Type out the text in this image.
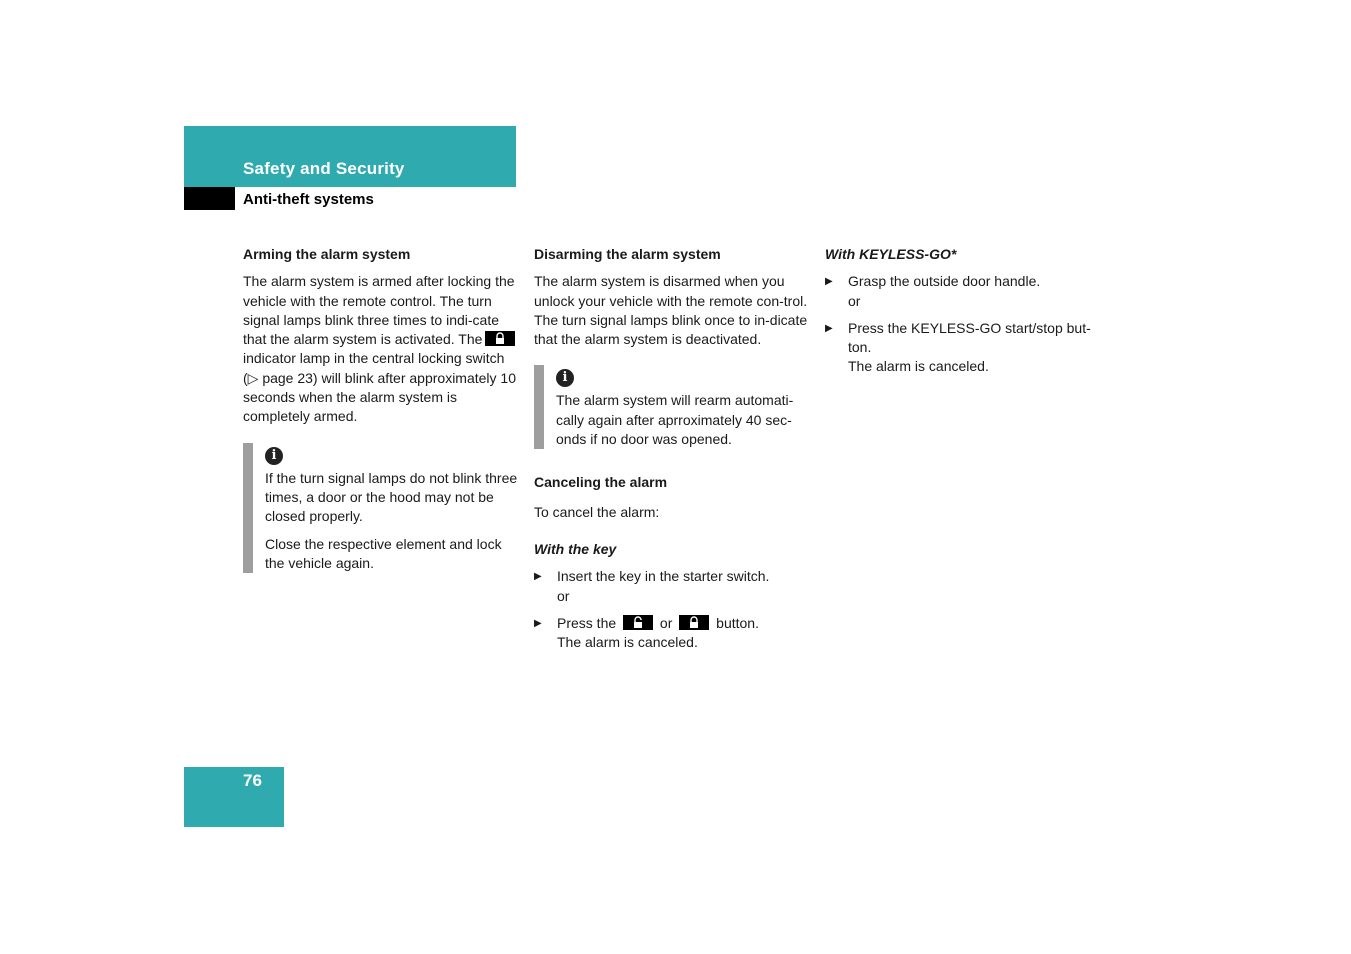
Safety and Security
Anti-theft systems
Arming the alarm system

The alarm system is armed after locking the vehicle with the remote control. The turn signal lamps blink three times to indi-cate that the alarm system is activated. The
indicator lamp in the central locking switch (▷ page 23) will blink after approximately 10 seconds when the alarm system is completely armed.

i

If the turn signal lamps do not blink three times, a door or the hood may not be closed properly.

Close the respective element and lock the vehicle again.

Disarming the alarm system

The alarm system is disarmed when you unlock your vehicle with the remote con-trol. The turn signal lamps blink once to in-dicate that the alarm system is deactivated.

i

The alarm system will rearm automati-cally again after aprroximately 40 sec-onds if no door was opened.

Canceling the alarm

To cancel the alarm:

With the key
▶ Insert the key in the starter switch.
or
▶ Press the	or	button.
The alarm is canceled.
With KEYLESS-GO*
▶ Grasp the outside door handle.
or
▶ Press the KEYLESS-GO start/stop but-ton.
The alarm is canceled.
76
